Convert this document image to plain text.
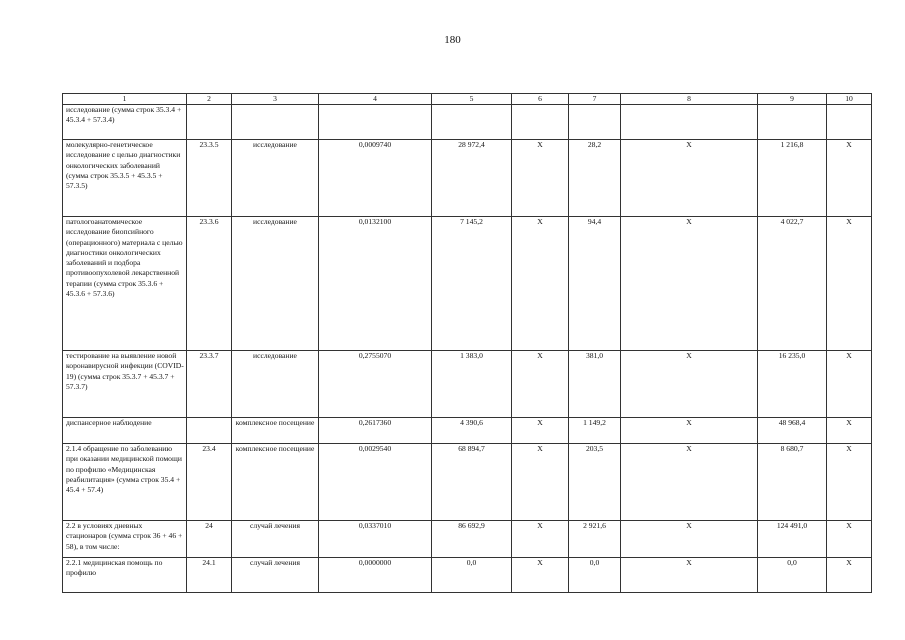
180
1	2	3	4	5	6	7	8	9	10
исследование (сумма строк 35.3.4 + 45.3.4 + 57.3.4)									
молекулярно-генетическое исследование с целью диагностики онкологических заболеваний (сумма строк 35.3.5 + 45.3.5 + 57.3.5)	23.3.5	исследование	0,0009740	28 972,4	Х	28,2	Х	1 216,8	Х
патологоанатомическое исследование биопсийного (операционного) материала с целью диагностики онкологических заболеваний и подбора противоопухолевой лекарственной терапии (сумма строк 35.3.6 + 45.3.6 + 57.3.6)	23.3.6	исследование	0,0132100	7 145,2	Х	94,4	Х	4 022,7	Х
тестирование на выявление новой коронавирусной инфекции (COVID-19) (сумма строк 35.3.7 + 45.3.7 + 57.3.7)	23.3.7	исследование	0,2755070	1 383,0	Х	381,0	Х	16 235,0	Х
диспансерное наблюдение		комплексное посещение	0,2617360	4 390,6	Х	1 149,2	Х	48 968,4	Х
2.1.4 обращение по заболеванию при оказании медицинской помощи по профилю «Медицинская реабилитация» (сумма строк 35.4 + 45.4 + 57.4)	23.4	комплексное посещение	0,0029540	68 894,7	Х	203,5	Х	8 680,7	Х
2.2 в условиях дневных стационаров (сумма строк 36 + 46 + 58), в том числе:	24	случай лечения	0,0337010	86 692,9	Х	2 921,6	Х	124 491,0	Х
2.2.1 медицинская помощь по профилю	24.1	случай лечения	0,0000000	0,0	Х	0,0	Х	0,0	Х
